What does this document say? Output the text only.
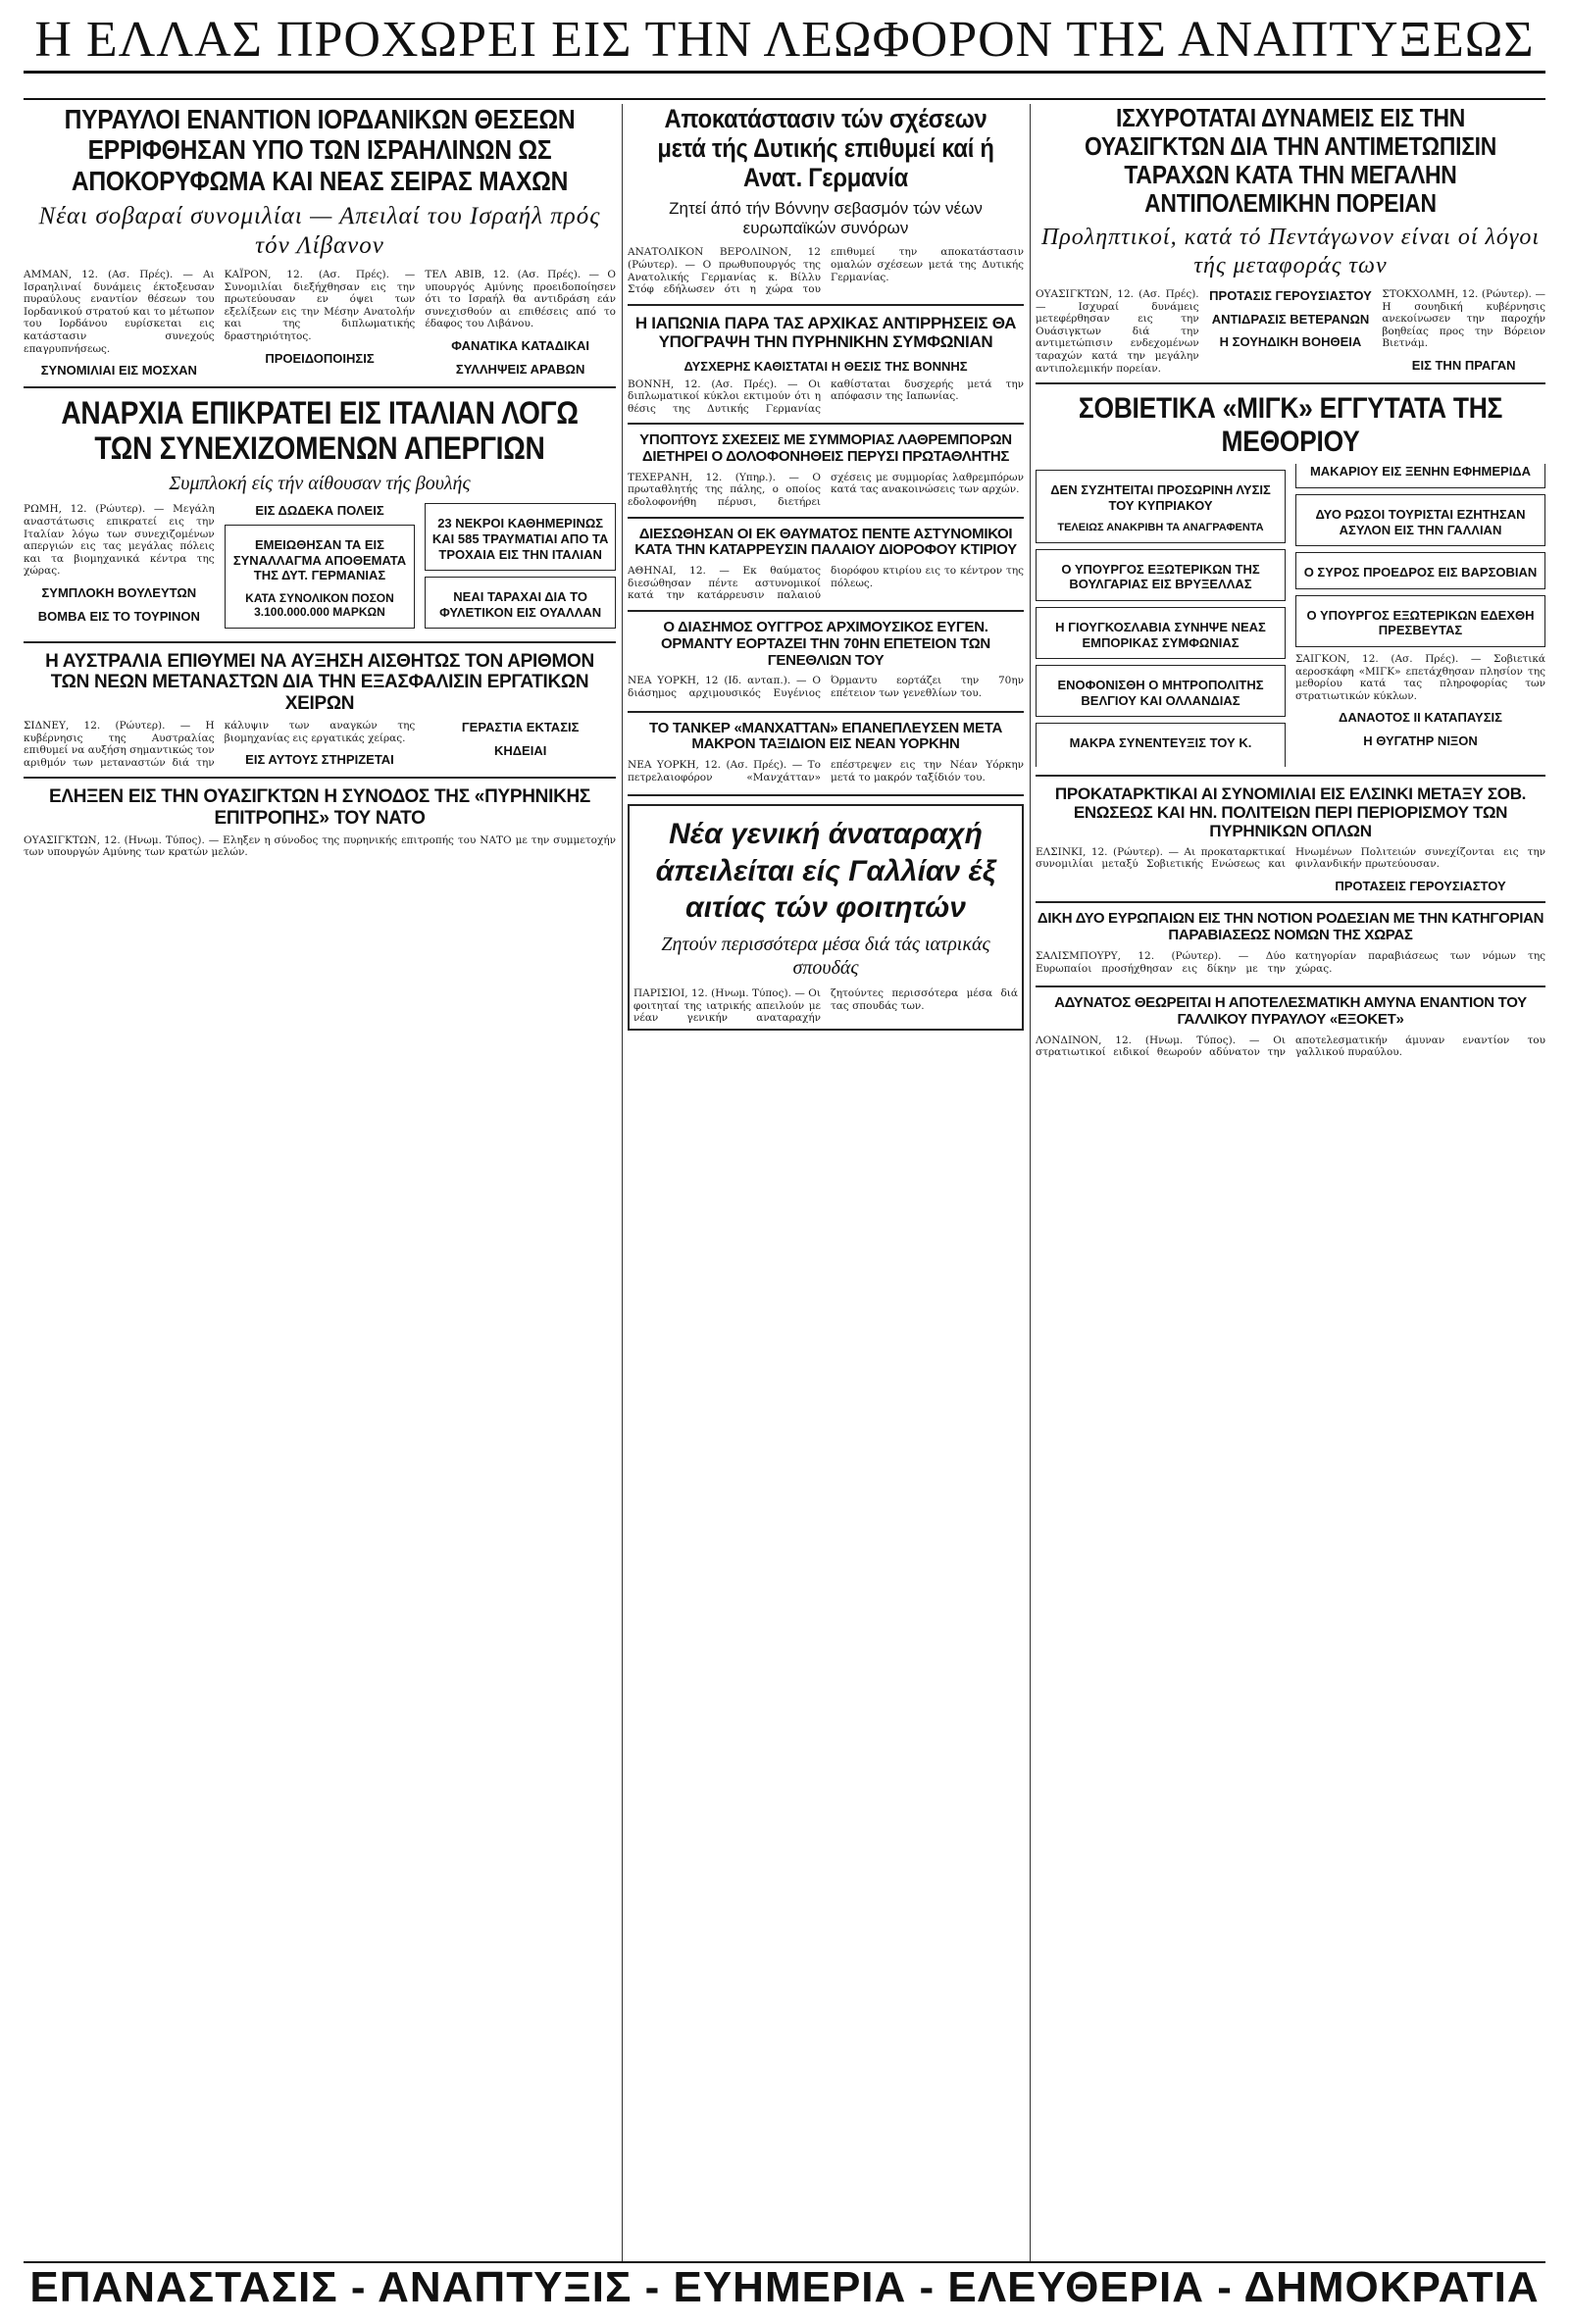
Η ΕΛΛΑΣ ΠΡΟΧΩΡΕΙ ΕΙΣ ΤΗΝ ΛΕΩΦΟΡΟΝ ΤΗΣ ΑΝΑΠΤΥΞΕΩΣ
ΠΥΡΑΥΛΟΙ ΕΝΑΝΤΙΟΝ ΙΟΡΔΑΝΙΚΩΝ ΘΕΣΕΩΝ ΕΡΡΙΦΘΗΣΑΝ ΥΠΟ ΤΩΝ ΙΣΡΑΗΛΙΝΩΝ ΩΣ ΑΠΟΚΟΡΥΦΩΜΑ ΚΑΙ ΝΕΑΣ ΣΕΙΡΑΣ ΜΑΧΩΝ
Νέαι σοβαραί συνομιλίαι — Απειλαί του Ισραήλ πρός τόν Λίβανον

ΑΜΜΑΝ, 12. (Ασ. Πρές). — Αι Ισραηλιναί δυνάμεις έκτοξευσαν πυραύλους εναντίον θέσεων του Ιορδανικού στρατού και το μέτωπον του Ιορδάνου ευρίσκεται εις κατάστασιν συνεχούς επαγρυπνήσεως.

ΣΥΝΟΜΙΛΙΑΙ ΕΙΣ ΜΟΣΧΑΝ

ΚΑΪΡΟΝ, 12. (Ασ. Πρές). — Συνομιλίαι διεξήχθησαν εις την πρωτεύουσαν εν όψει των εξελίξεων εις την Μέσην Ανατολήν και της διπλωματικής δραστηριότητος.

ΠΡΟΕΙΔΟΠΟΙΗΣΙΣ

ΤΕΛ ΑΒΙΒ, 12. (Ασ. Πρές). — Ο υπουργός Αμύνης προειδοποίησεν ότι το Ισραήλ θα αντιδράση εάν συνεχισθούν αι επιθέσεις από το έδαφος του Λιβάνου.

ΦΑΝΑΤΙΚΑ ΚΑΤΑΔΙΚΑΙ
ΣΥΛΛΗΨΕΙΣ ΑΡΑΒΩΝ
ΑΝΑΡΧΙΑ ΕΠΙΚΡΑΤΕΙ ΕΙΣ ΙΤΑΛΙΑΝ ΛΟΓΩ ΤΩΝ ΣΥΝΕΧΙΖΟΜΕΝΩΝ ΑΠΕΡΓΙΩΝ
Συμπλοκή είς τήν αίθουσαν τής βουλής

ΡΩΜΗ, 12. (Ρώυτερ). — Μεγάλη αναστάτωσις επικρατεί εις την Ιταλίαν λόγω των συνεχιζομένων απεργιών εις τας μεγάλας πόλεις και τα βιομηχανικά κέντρα της χώρας.

ΣΥΜΠΛΟΚΗ ΒΟΥΛΕΥΤΩΝ
ΒΟΜΒΑ ΕΙΣ ΤΟ ΤΟΥΡΙΝΟΝ
ΕΙΣ ΔΩΔΕΚΑ ΠΟΛΕΙΣ
ΕΜΕΙΩΘΗΣΑΝ ΤΑ ΕΙΣ ΣΥΝΑΛΛΑΓΜΑ ΑΠΟΘΕΜΑΤΑ ΤΗΣ ΔΥΤ. ΓΕΡΜΑΝΙΑΣ
ΚΑΤΑ ΣΥΝΟΛΙΚΟΝ ΠΟΣΟΝ 3.100.000.000 ΜΑΡΚΩΝ
23 ΝΕΚΡΟΙ ΚΑΘΗΜΕΡΙΝΩΣ ΚΑΙ 585 ΤΡΑΥΜΑΤΙΑΙ ΑΠΟ ΤΑ ΤΡΟΧΑΙΑ ΕΙΣ ΤΗΝ ΙΤΑΛΙΑΝ
ΝΕΑΙ ΤΑΡΑΧΑΙ ΔΙΑ ΤΟ ΦΥΛΕΤΙΚΟΝ ΕΙΣ ΟΥΑΛΛΑΝ
Η ΑΥΣΤΡΑΛΙΑ ΕΠΙΘΥΜΕΙ ΝΑ ΑΥΞΗΣΗ ΑΙΣΘΗΤΩΣ ΤΟΝ ΑΡΙΘΜΟΝ ΤΩΝ ΝΕΩΝ ΜΕΤΑΝΑΣΤΩΝ ΔΙΑ ΤΗΝ ΕΞΑΣΦΑΛΙΣΙΝ ΕΡΓΑΤΙΚΩΝ ΧΕΙΡΩΝ

ΣΙΔΝΕΥ, 12. (Ρώυτερ). — Η κυβέρνησις της Αυστραλίας επιθυμεί να αυξήση σημαντικώς τον αριθμόν των μεταναστών διά την κάλυψιν των αναγκών της βιομηχανίας εις εργατικάς χείρας.

ΕΙΣ ΑΥΤΟΥΣ ΣΤΗΡΙΖΕΤΑΙ
ΓΕΡΑΣΤΙΑ ΕΚΤΑΣΙΣ
ΚΗΔΕΙΑΙ
ΕΛΗΞΕΝ ΕΙΣ ΤΗΝ ΟΥΑΣΙΓΚΤΩΝ Η ΣΥΝΟΔΟΣ ΤΗΣ «ΠΥΡΗΝΙΚΗΣ ΕΠΙΤΡΟΠΗΣ» ΤΟΥ ΝΑΤΟ

ΟΥΑΣΙΓΚΤΩΝ, 12. (Ηνωμ. Τύπος). — Εληξεν η σύνοδος της πυρηνικής επιτροπής του ΝΑΤΟ με την συμμετοχήν των υπουργών Αμύνης των κρατών μελών.

Αποκατάστασιν τών σχέσεων μετά τής Δυτικής επιθυμεί καί ή Ανατ. Γερμανία
Ζητεί άπό τήν Βόννην σεβασμόν τών νέων ευρωπαϊκών συνόρων

ΑΝΑΤΟΛΙΚΟΝ ΒΕΡΟΛΙΝΟΝ, 12 (Ρώυτερ). — Ο πρωθυπουργός της Ανατολικής Γερμανίας κ. Βίλλυ Στόφ εδήλωσεν ότι η χώρα του επιθυμεί την αποκατάστασιν ομαλών σχέσεων μετά της Δυτικής Γερμανίας.

Η ΙΑΠΩΝΙΑ ΠΑΡΑ ΤΑΣ ΑΡΧΙΚΑΣ ΑΝΤΙΡΡΗΣΕΙΣ ΘΑ ΥΠΟΓΡΑΨΗ ΤΗΝ ΠΥΡΗΝΙΚΗΝ ΣΥΜΦΩΝΙΑΝ
ΔΥΣΧΕΡΗΣ ΚΑΘΙΣΤΑΤΑΙ Η ΘΕΣΙΣ ΤΗΣ ΒΟΝΝΗΣ

ΒΟΝΝΗ, 12. (Ασ. Πρές). — Οι διπλωματικοί κύκλοι εκτιμούν ότι η θέσις της Δυτικής Γερμανίας καθίσταται δυσχερής μετά την απόφασιν της Ιαπωνίας.

ΥΠΟΠΤΟΥΣ ΣΧΕΣΕΙΣ ΜΕ ΣΥΜΜΟΡΙΑΣ ΛΑΘΡΕΜΠΟΡΩΝ ΔΙΕΤΗΡΕΙ Ο ΔΟΛΟΦΟΝΗΘΕΙΣ ΠΕΡΥΣΙ ΠΡΩΤΑΘΛΗΤΗΣ

ΤΕΧΕΡΑΝΗ, 12. (Υπηρ.). — Ο πρωταθλητής της πάλης, ο οποίος εδολοφονήθη πέρυσι, διετήρει σχέσεις με συμμορίας λαθρεμπόρων κατά τας ανακοινώσεις των αρχών.

ΔΙΕΣΩΘΗΣΑΝ ΟΙ ΕΚ ΘΑΥΜΑΤΟΣ ΠΕΝΤΕ ΑΣΤΥΝΟΜΙΚΟΙ ΚΑΤΑ ΤΗΝ ΚΑΤΑΡΡΕΥΣΙΝ ΠΑΛΑΙΟΥ ΔΙΟΡΟΦΟΥ ΚΤΙΡΙΟΥ

ΑΘΗΝΑΙ, 12. — Εκ θαύματος διεσώθησαν πέντε αστυνομικοί κατά την κατάρρευσιν παλαιού διορόφου κτιρίου εις το κέντρον της πόλεως.

Ο ΔΙΑΣΗΜΟΣ ΟΥΓΓΡΟΣ ΑΡΧΙΜΟΥΣΙΚΟΣ ΕΥΓΕΝ. ΟΡΜΑΝΤΥ ΕΟΡΤΑΖΕΙ ΤΗΝ 70ΗΝ ΕΠΕΤΕΙΟΝ ΤΩΝ ΓΕΝΕΘΛΙΩΝ ΤΟΥ

ΝΕΑ ΥΟΡΚΗ, 12 (Ιδ. ανταπ.). — Ο διάσημος αρχιμουσικός Ευγένιος Όρμαντυ εορτάζει την 70ην επέτειον των γενεθλίων του.

ΤΟ ΤΑΝΚΕΡ «ΜΑΝΧΑΤΤΑΝ» ΕΠΑΝΕΠΛΕΥΣΕΝ ΜΕΤΑ ΜΑΚΡΟΝ ΤΑΞΙΔΙΟΝ ΕΙΣ ΝΕΑΝ ΥΟΡΚΗΝ

ΝΕΑ ΥΟΡΚΗ, 12. (Ασ. Πρές). — Το πετρελαιοφόρον «Μανχάτταν» επέστρεψεν εις την Νέαν Υόρκην μετά το μακρόν ταξίδιόν του.

Νέα γενική άναταραχή άπειλείται είς Γαλλίαν έξ αιτίας τών φοιτητών
Ζητούν περισσότερα μέσα διά τάς ιατρικάς σπουδάς

ΠΑΡΙΣΙΟΙ, 12. (Ηνωμ. Τύπος). — Οι φοιτηταί της ιατρικής απειλούν με νέαν γενικήν αναταραχήν ζητούντες περισσότερα μέσα διά τας σπουδάς των.

ΙΣΧΥΡΟΤΑΤΑΙ ΔΥΝΑΜΕΙΣ ΕΙΣ ΤΗΝ ΟΥΑΣΙΓΚΤΩΝ ΔΙΑ ΤΗΝ ΑΝΤΙΜΕΤΩΠΙΣΙΝ ΤΑΡΑΧΩΝ ΚΑΤΑ ΤΗΝ ΜΕΓΑΛΗΝ ΑΝΤΙΠΟΛΕΜΙΚΗΝ ΠΟΡΕΙΑΝ
Προληπτικοί, κατά τό Πεντάγωνον είναι οί λόγοι τής μεταφοράς των

ΟΥΑΣΙΓΚΤΩΝ, 12. (Ασ. Πρές). — Ισχυραί δυνάμεις μετεφέρθησαν εις την Ουάσιγκτων διά την αντιμετώπισιν ενδεχομένων ταραχών κατά την μεγάλην αντιπολεμικήν πορείαν.

ΠΡΟΤΑΣΙΣ ΓΕΡΟΥΣΙΑΣΤΟΥ
ΑΝΤΙΔΡΑΣΙΣ ΒΕΤΕΡΑΝΩΝ
Η ΣΟΥΗΔΙΚΗ ΒΟΗΘΕΙΑ

ΣΤΟΚΧΟΛΜΗ, 12. (Ρώυτερ). — Η σουηδική κυβέρνησις ανεκοίνωσεν την παροχήν βοηθείας προς την Βόρειον Βιετνάμ.

ΕΙΣ ΤΗΝ ΠΡΑΓΑΝ
ΣΟΒΙΕΤΙΚΑ «ΜΙΓΚ» ΕΓΓΥΤΑΤΑ ΤΗΣ ΜΕΘΟΡΙΟΥ
ΔΕΝ ΣΥΖΗΤΕΙΤΑΙ ΠΡΟΣΩΡΙΝΗ ΛΥΣΙΣ ΤΟΥ ΚΥΠΡΙΑΚΟΥ
ΤΕΛΕΙΩΣ ΑΝΑΚΡΙΒΗ ΤΑ ΑΝΑΓΡΑΦΕΝΤΑ
Ο ΥΠΟΥΡΓΟΣ ΕΞΩΤΕΡΙΚΩΝ ΤΗΣ ΒΟΥΛΓΑΡΙΑΣ ΕΙΣ ΒΡΥΞΕΛΛΑΣ
Η ΓΙΟΥΓΚΟΣΛΑΒΙΑ ΣΥΝΗΨΕ ΝΕΑΣ ΕΜΠΟΡΙΚΑΣ ΣΥΜΦΩΝΙΑΣ
ΕΝΟΦΟΝΙΣΘΗ Ο ΜΗΤΡΟΠΟΛΙΤΗΣ ΒΕΛΓΙΟΥ ΚΑΙ ΟΛΛΑΝΔΙΑΣ
ΜΑΚΡΑ ΣΥΝΕΝΤΕΥΞΙΣ ΤΟΥ Κ. ΜΑΚΑΡΙΟΥ ΕΙΣ ΞΕΝΗΝ ΕΦΗΜΕΡΙΔΑ
ΔΥΟ ΡΩΣΟΙ ΤΟΥΡΙΣΤΑΙ ΕΖΗΤΗΣΑΝ ΑΣΥΛΟΝ ΕΙΣ ΤΗΝ ΓΑΛΛΙΑΝ
Ο ΣΥΡΟΣ ΠΡΟΕΔΡΟΣ ΕΙΣ ΒΑΡΣΟΒΙΑΝ
Ο ΥΠΟΥΡΓΟΣ ΕΞΩΤΕΡΙΚΩΝ ΕΔΕΧΘΗ ΠΡΕΣΒΕΥΤΑΣ

ΣΑΙΓΚΟΝ, 12. (Ασ. Πρές). — Σοβιετικά αεροσκάφη «ΜΙΓΚ» επετάχθησαν πλησίον της μεθορίου κατά τας πληροφορίας των στρατιωτικών κύκλων.

ΔΑΝΑΟΤΟΣ ΙΙ ΚΑΤΑΠΑΥΣΙΣ
Η ΘΥΓΑΤΗΡ ΝΙΞΟΝ
ΠΡΟΚΑΤΑΡΚΤΙΚΑΙ ΑΙ ΣΥΝΟΜΙΛΙΑΙ ΕΙΣ ΕΛΣΙΝΚΙ ΜΕΤΑΞΥ ΣΟΒ. ΕΝΩΣΕΩΣ ΚΑΙ ΗΝ. ΠΟΛΙΤΕΙΩΝ ΠΕΡΙ ΠΕΡΙΟΡΙΣΜΟΥ ΤΩΝ ΠΥΡΗΝΙΚΩΝ ΟΠΛΩΝ

ΕΛΣΙΝΚΙ, 12. (Ρώυτερ). — Αι προκαταρκτικαί συνομιλίαι μεταξύ Σοβιετικής Ενώσεως και Ηνωμένων Πολιτειών συνεχίζονται εις την φινλανδικήν πρωτεύουσαν.

ΠΡΟΤΑΣΕΙΣ ΓΕΡΟΥΣΙΑΣΤΟΥ
ΔΙΚΗ ΔΥΟ ΕΥΡΩΠΑΙΩΝ ΕΙΣ ΤΗΝ ΝΟΤΙΟΝ ΡΟΔΕΣΙΑΝ ΜΕ ΤΗΝ ΚΑΤΗΓΟΡΙΑΝ ΠΑΡΑΒΙΑΣΕΩΣ ΝΟΜΩΝ ΤΗΣ ΧΩΡΑΣ

ΣΑΛΙΣΜΠΟΥΡΥ, 12. (Ρώυτερ). — Δύο Ευρωπαίοι προσήχθησαν εις δίκην με την κατηγορίαν παραβιάσεως των νόμων της χώρας.

ΑΔΥΝΑΤΟΣ ΘΕΩΡΕΙΤΑΙ Η ΑΠΟΤΕΛΕΣΜΑΤΙΚΗ ΑΜΥΝΑ ΕΝΑΝΤΙΟΝ ΤΟΥ ΓΑΛΛΙΚΟΥ ΠΥΡΑΥΛΟΥ «ΕΞΟΚΕΤ»

ΛΟΝΔΙΝΟΝ, 12. (Ηνωμ. Τύπος). — Οι στρατιωτικοί ειδικοί θεωρούν αδύνατον την αποτελεσματικήν άμυναν εναντίον του γαλλικού πυραύλου.

ΕΠΑΝΑΣΤΑΣΙΣ - ΑΝΑΠΤΥΞΙΣ - ΕΥΗΜΕΡΙΑ - ΕΛΕΥΘΕΡΙΑ - ΔΗΜΟΚΡΑΤΙΑ
